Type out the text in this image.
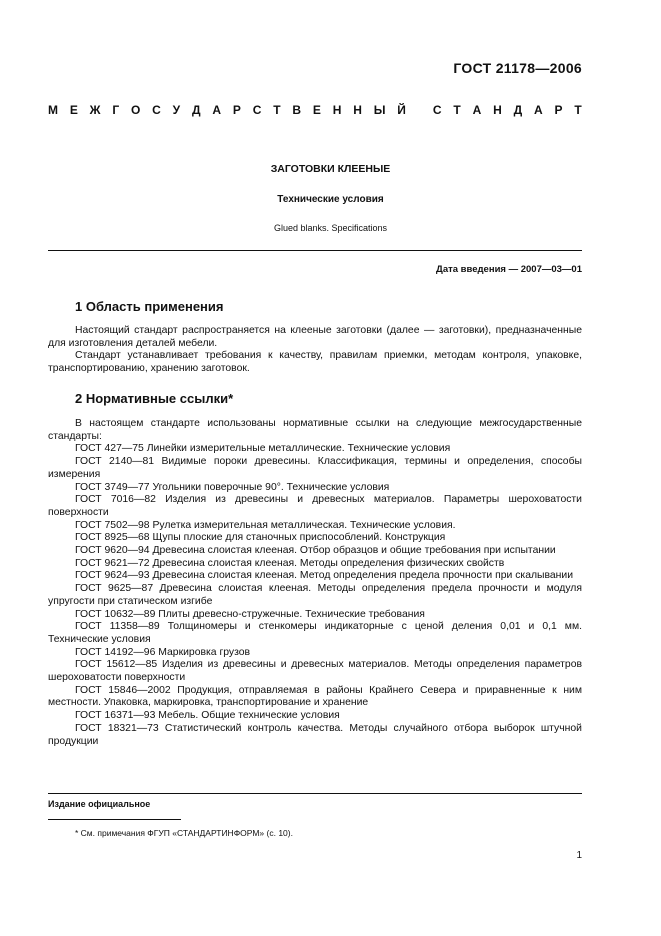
ГОСТ 21178—2006
М Е Ж Г О С У Д А Р С Т В Е Н Н Ы Й
С Т А Н Д А Р Т
ЗАГОТОВКИ КЛЕЕНЫЕ
Технические условия
Glued blanks. Specifications
Дата введения — 2007—03—01
1 Область применения

Настоящий стандарт распространяется на клееные заготовки (далее — заготовки), предназначенные для изготовления деталей мебели.

Стандарт устанавливает требования к качеству, правилам приемки, методам контроля, упаковке, транспортированию, хранению заготовок.

2 Нормативные ссылки*

В настоящем стандарте использованы нормативные ссылки на следующие межгосударственные стандарты:

ГОСТ 427—75 Линейки измерительные металлические. Технические условия
ГОСТ 2140—81 Видимые пороки древесины. Классификация, термины и определения, способы измерения
ГОСТ 3749—77 Угольники поверочные 90°. Технические условия
ГОСТ 7016—82 Изделия из древесины и древесных материалов. Параметры шероховатости поверхности
ГОСТ 7502—98 Рулетка измерительная металлическая. Технические условия.
ГОСТ 8925—68 Щупы плоские для станочных приспособлений. Конструкция
ГОСТ 9620—94 Древесина слоистая клееная. Отбор образцов и общие требования при испытании
ГОСТ 9621—72 Древесина слоистая клееная. Методы определения физических свойств
ГОСТ 9624—93 Древесина слоистая клееная. Метод определения предела прочности при скалывании
ГОСТ 9625—87 Древесина слоистая клееная. Методы определения предела прочности и модуля упругости при статическом изгибе
ГОСТ 10632—89 Плиты древесно-стружечные. Технические требования
ГОСТ 11358—89 Толщиномеры и стенкомеры индикаторные с ценой деления 0,01 и 0,1 мм. Технические условия
ГОСТ 14192—96 Маркировка грузов
ГОСТ 15612—85 Изделия из древесины и древесных материалов. Методы определения параметров шероховатости поверхности
ГОСТ 15846—2002 Продукция, отправляемая в районы Крайнего Севера и приравненные к ним местности. Упаковка, маркировка, транспортирование и хранение
ГОСТ 16371—93 Мебель. Общие технические условия
ГОСТ 18321—73 Статистический контроль качества. Методы случайного отбора выборок штучной продукции
Издание официальное
* См. примечания ФГУП «СТАНДАРТИНФОРМ» (с. 10).
1
